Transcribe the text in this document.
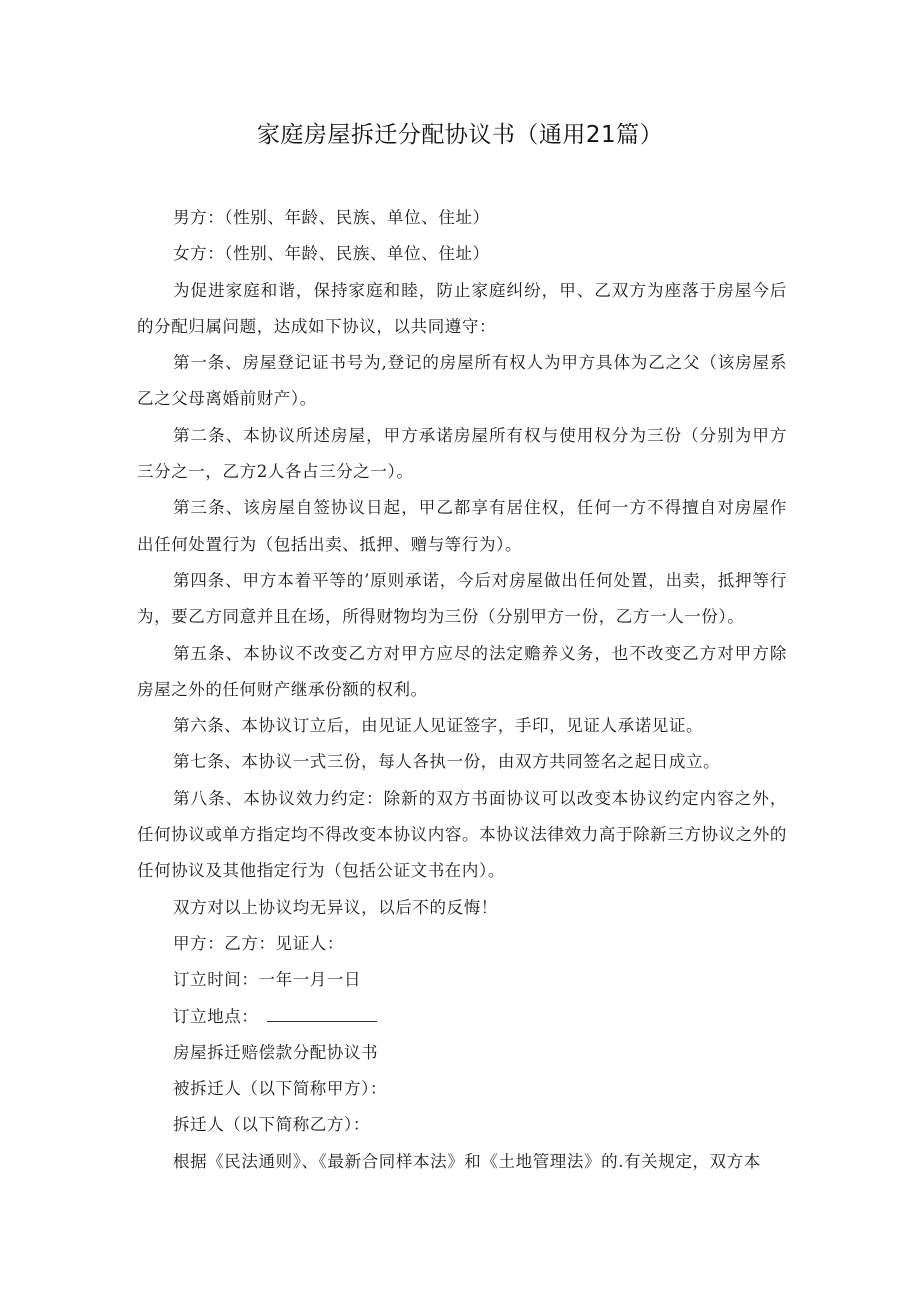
家庭房屋拆迁分配协议书（通用21篇）

男方：（性别、年龄、民族、单位、住址）

女方：（性别、年龄、民族、单位、住址）

为促进家庭和谐，保持家庭和睦，防止家庭纠纷，甲、乙双方为座落于房屋今后的分配归属问题，达成如下协议，以共同遵守：

第一条、房屋登记证书号为,登记的房屋所有权人为甲方具体为乙之父（该房屋系乙之父母离婚前财产）。

第二条、本协议所述房屋，甲方承诺房屋所有权与使用权分为三份（分别为甲方三分之一，乙方2人各占三分之一）。

第三条、该房屋自签协议日起，甲乙都享有居住权，任何一方不得擅自对房屋作出任何处置行为（包括出卖、抵押、赠与等行为）。

第四条、甲方本着平等的’原则承诺，今后对房屋做出任何处置，出卖，抵押等行为，要乙方同意并且在场，所得财物均为三份（分别甲方一份，乙方一人一份）。

第五条、本协议不改变乙方对甲方应尽的法定赡养义务，也不改变乙方对甲方除房屋之外的任何财产继承份额的权利。

第六条、本协议订立后，由见证人见证签字，手印，见证人承诺见证。

第七条、本协议一式三份，每人各执一份，由双方共同签名之起日成立。

第八条、本协议效力约定：除新的双方书面协议可以改变本协议约定内容之外，任何协议或单方指定均不得改变本协议内容。本协议法律效力高于除新三方协议之外的任何协议及其他指定行为（包括公证文书在内）。

双方对以上协议均无异议，以后不的反悔！

甲方：乙方：见证人：

订立时间：一年一月一日

订立地点：

房屋拆迁赔偿款分配协议书

被拆迁人（以下简称甲方）：

拆迁人（以下简称乙方）：

根据《民法通则》、《最新合同样本法》和《土地管理法》的.有关规定，双方本
